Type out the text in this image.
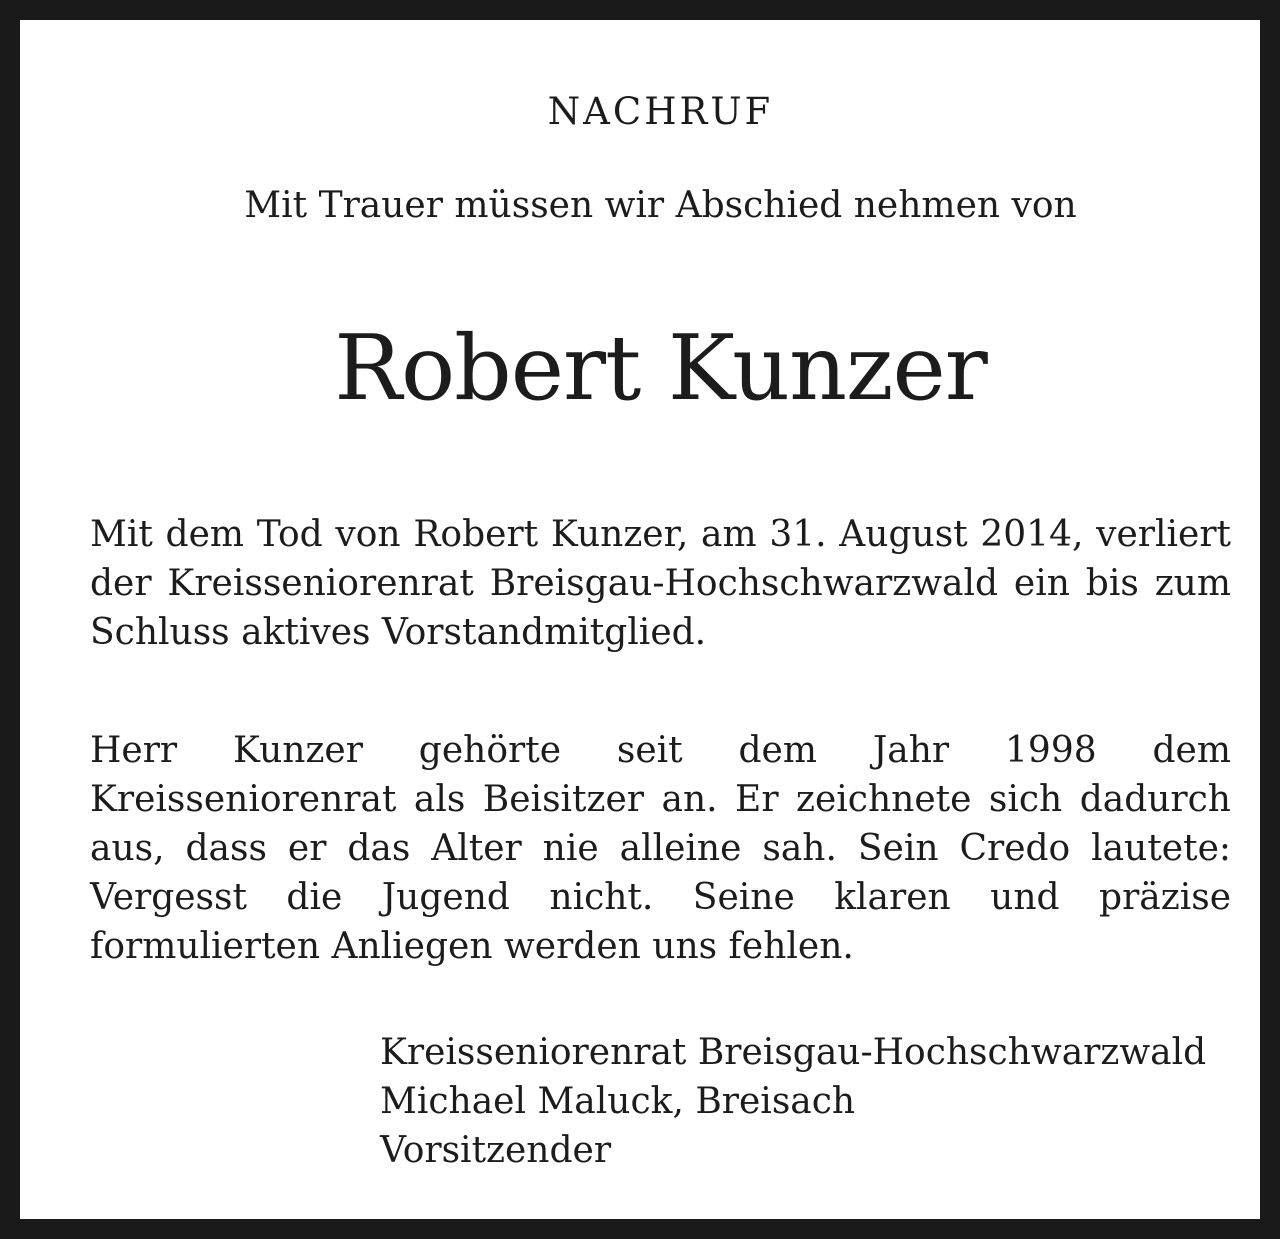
NACHRUF
Mit Trauer müssen wir Abschied nehmen von
Robert Kunzer

Mit dem Tod von Robert Kunzer, am 31. August 2014, verliert der Kreisseniorenrat Breisgau-Hochschwarzwald ein bis zum Schluss aktives Vorstandmitglied.

Herr Kunzer gehörte seit dem Jahr 1998 dem Kreisseniorenrat als Beisitzer an. Er zeichnete sich dadurch aus, dass er das Alter nie alleine sah. Sein Credo lautete: Vergesst die Jugend nicht. Seine klaren und präzise formulierten Anliegen werden uns fehlen.

Kreisseniorenrat Breisgau-Hochschwarzwald
Michael Maluck, Breisach
Vorsitzender
